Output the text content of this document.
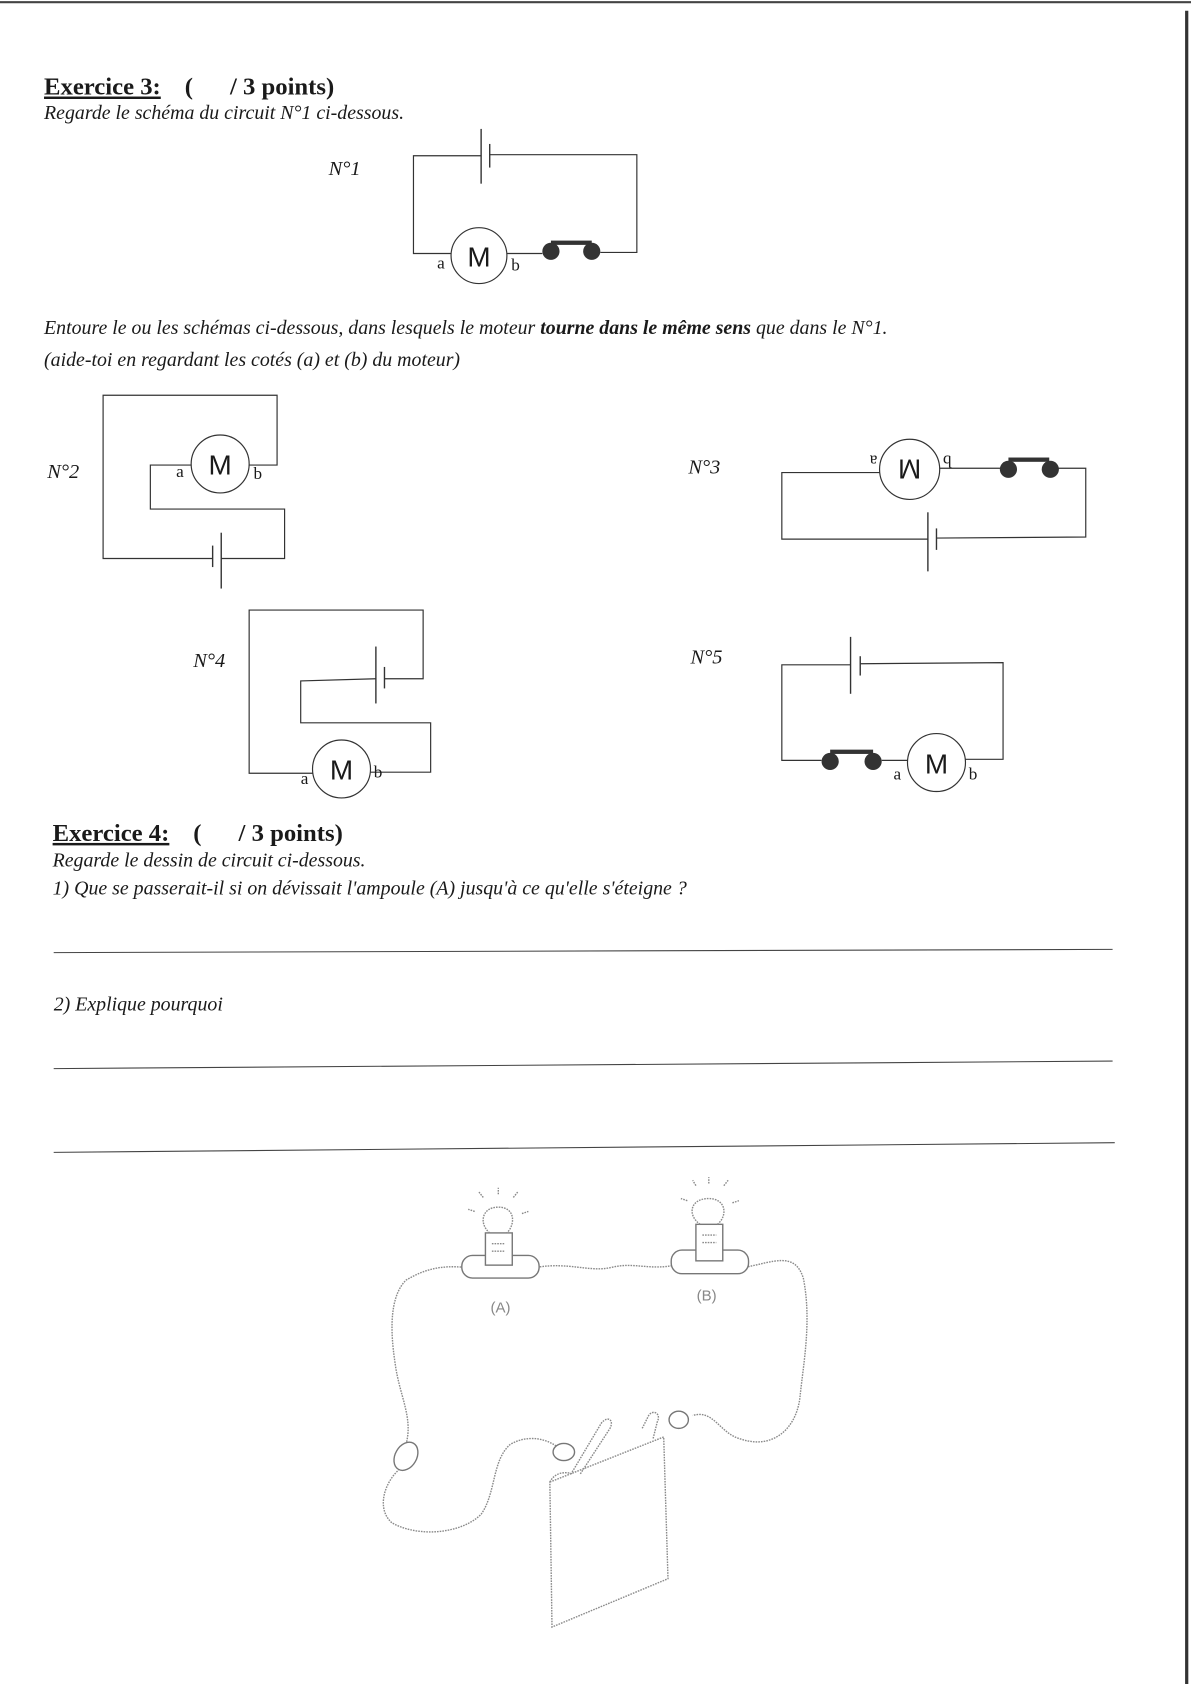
Exercice 3: (      / 3 points)
Regarde le schéma du circuit N°1 ci-dessous.
N°1
M
a	b
Entoure le ou les schémas ci-dessous, dans lesquels le moteur tourne dans le même sens que dans le N°1.
(aide-toi en regardant les cotés (a) et (b) du moteur)
N°2	M
a	b	N°3	M
a	b
N°4
M
a	b
N°5
M
a	b
Exercice 4: (      / 3 points)
Regarde le dessin de circuit ci-dessous.
1) Que se passerait-il si on dévissait l'ampoule (A) jusqu'à ce qu'elle s'éteigne ?
2) Explique pourquoi
(A)
(B)
